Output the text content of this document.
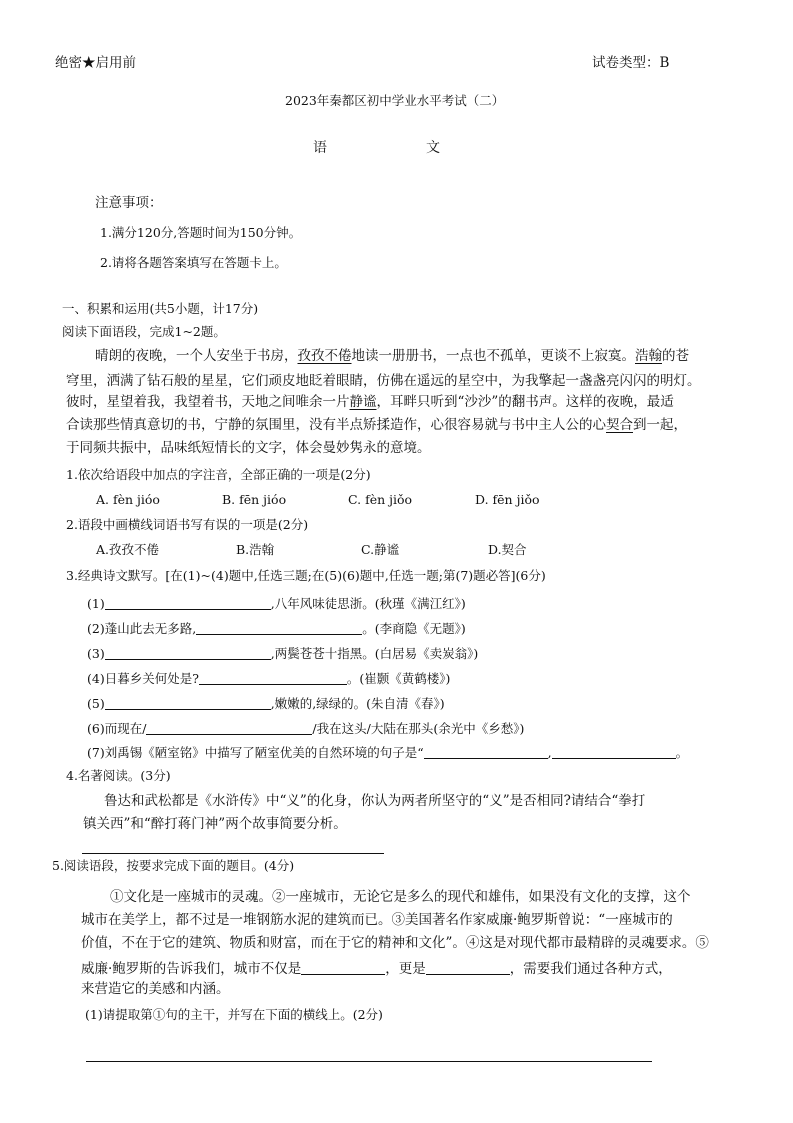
绝密★启用前	试卷类型：B
2023年秦都区初中学业水平考试（二）
语	文
注意事项：
1.满分120分,答题时间为150分钟。
2.请将各题答案填写在答题卡上。
一、积累和运用(共5小题，计17分)
阅读下面语段，完成1~2题。
晴朗的夜晚，一个人安坐于书房，孜孜不倦地读一册册书，一点也不孤单，更谈不上寂寞。浩翰的苍
穹里，洒满了钻石般的星星，它们顽皮地眨着眼睛，仿佛在遥远的星空中，为我擎起一盏盏亮闪闪的明灯。
彼时，星望着我，我望着书，天地之间唯余一片静谧，耳畔只听到“沙沙”的翻书声。这样的夜晚，最适
合读那些情真意切的书，宁静的氛围里，没有半点矫揉造作，心很容易就与书中主人公的心契合到一起，
于同频共振中，品味纸短情长的文字，体会曼妙隽永的意境。
1.依次给语段中加点的字注音，全部正确的一项是(2分)
A. fèn jióo	B. fēn jióo	C. fèn jiǒo	D. fēn jiǒo
2.语段中画横线词语书写有误的一项是(2分)
A.孜孜不倦	B.浩翰	C.静谧	D.契合
3.经典诗文默写。[在(1)~(4)题中,任选三题;在(5)(6)题中,任选一题;第(7)题必答](6分)
(1)	,八年风味徒思浙。(秋瑾《满江红》)
(2)蓬山此去无多路,	。(李商隐《无题》)
(3)	,两鬓苍苍十指黑。(白居易《卖炭翁》)
(4)日暮乡关何处是?	。(崔颢《黄鹤楼》)
(5)	,嫩嫩的,绿绿的。(朱自清《春》)
(6)而现在/	/我在这头/大陆在那头(余光中《乡愁》)
(7)刘禹锡《陋室铭》中描写了陋室优美的自然环境的句子是“	,	。
4.名著阅读。(3分)
鲁达和武松都是《水浒传》中“义”的化身，你认为两者所坚守的“义”是否相同?请结合“拳打
镇关西”和“醉打蒋门神”两个故事简要分析。
5.阅读语段，按要求完成下面的题目。(4分)
①文化是一座城市的灵魂。②一座城市，无论它是多么的现代和雄伟，如果没有文化的支撑，这个
城市在美学上，都不过是一堆钢筋水泥的建筑而已。③美国著名作家威廉·鲍罗斯曾说：“一座城市的
价值，不在于它的建筑、物质和财富，而在于它的精神和文化”。④这是对现代都市最精辟的灵魂要求。⑤
威廉·鲍罗斯的告诉我们，城市不仅是	，更是	，需要我们通过各种方式，
来营造它的美感和内涵。
(1)请提取第①句的主干，并写在下面的横线上。(2分)
